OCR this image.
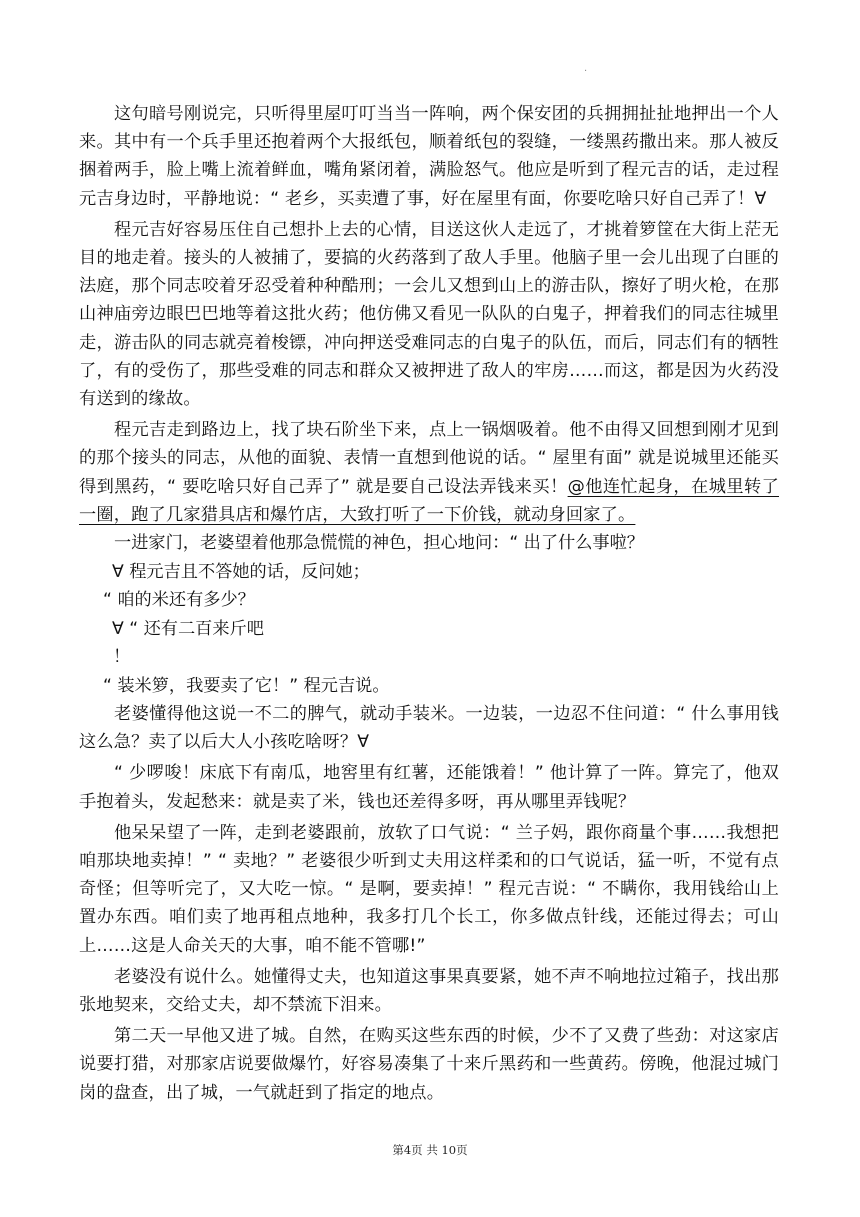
·

这句暗号刚说完，只听得里屋叮叮当当一阵响，两个保安团的兵拥拥扯扯地押出一个人来。其中有一个兵手里还抱着两个大报纸包，顺着纸包的裂缝，一缕黑药撒出来。那人被反捆着两手，脸上嘴上流着鲜血，嘴角紧闭着，满脸怒气。他应是听到了程元吉的话，走过程元吉身边时，平静地说：“ 老乡，买卖遭了事，好在屋里有面，你要吃啥只好自己弄了！∀

程元吉好容易压住自己想扑上去的心情，目送这伙人走远了，才挑着箩筐在大街上茫无目的地走着。接头的人被捕了，要搞的火药落到了敌人手里。他脑子里一会儿出现了白匪的法庭，那个同志咬着牙忍受着种种酷刑；一会儿又想到山上的游击队，擦好了明火枪，在那山神庙旁边眼巴巴地等着这批火药；他仿佛又看见一队队的白鬼子，押着我们的同志往城里走，游击队的同志就亮着梭镖，冲向押送受难同志的白鬼子的队伍，而后，同志们有的牺牲了，有的受伤了，那些受难的同志和群众又被押进了敌人的牢房……而这，都是因为火药没有送到的缘故。

程元吉走到路边上，找了块石阶坐下来，点上一锅烟吸着。他不由得又回想到刚才见到的那个接头的同志，从他的面貌、表情一直想到他说的话。“ 屋里有面” 就是说城里还能买得到黑药，“ 要吃啥只好自己弄了” 就是要自己设法弄钱来买！@他连忙起身，在城里转了一圈，跑了几家猎具店和爆竹店，大致打听了一下价钱，就动身回家了。

一进家门，老婆望着他那急慌慌的神色，担心地问：“ 出了什么事啦？
∀ 程元吉且不答她的话，反问她；
“ 咱的米还有多少？
∀ “ 还有二百来斤吧
！
“ 装米箩，我要卖了它！” 程元吉说。

老婆懂得他这说一不二的脾气，就动手装米。一边装，一边忍不住问道：“ 什么事用钱这么急？卖了以后大人小孩吃啥呀？∀

“ 少啰唆！床底下有南瓜，地窖里有红薯，还能饿着！” 他计算了一阵。算完了，他双手抱着头，发起愁来：就是卖了米，钱也还差得多呀，再从哪里弄钱呢？

他呆呆望了一阵，走到老婆跟前，放软了口气说：“ 兰子妈，跟你商量个事……我想把咱那块地卖掉！” “ 卖地？” 老婆很少听到丈夫用这样柔和的口气说话，猛一听，不觉有点奇怪；但等听完了，又大吃一惊。“ 是啊，要卖掉！” 程元吉说：“ 不瞒你，我用钱给山上置办东西。咱们卖了地再租点地种，我多打几个长工，你多做点针线，还能过得去；可山上……这是人命关天的大事，咱不能不管哪!”

老婆没有说什么。她懂得丈夫，也知道这事果真要紧，她不声不响地拉过箱子，找出那张地契来，交给丈夫，却不禁流下泪来。

第二天一早他又进了城。自然，在购买这些东西的时候，少不了又费了些劲：对这家店说要打猎，对那家店说要做爆竹，好容易凑集了十来斤黑药和一些黄药。傍晚，他混过城门岗的盘查，出了城，一气就赶到了指定的地点。

第4页 共 10页
